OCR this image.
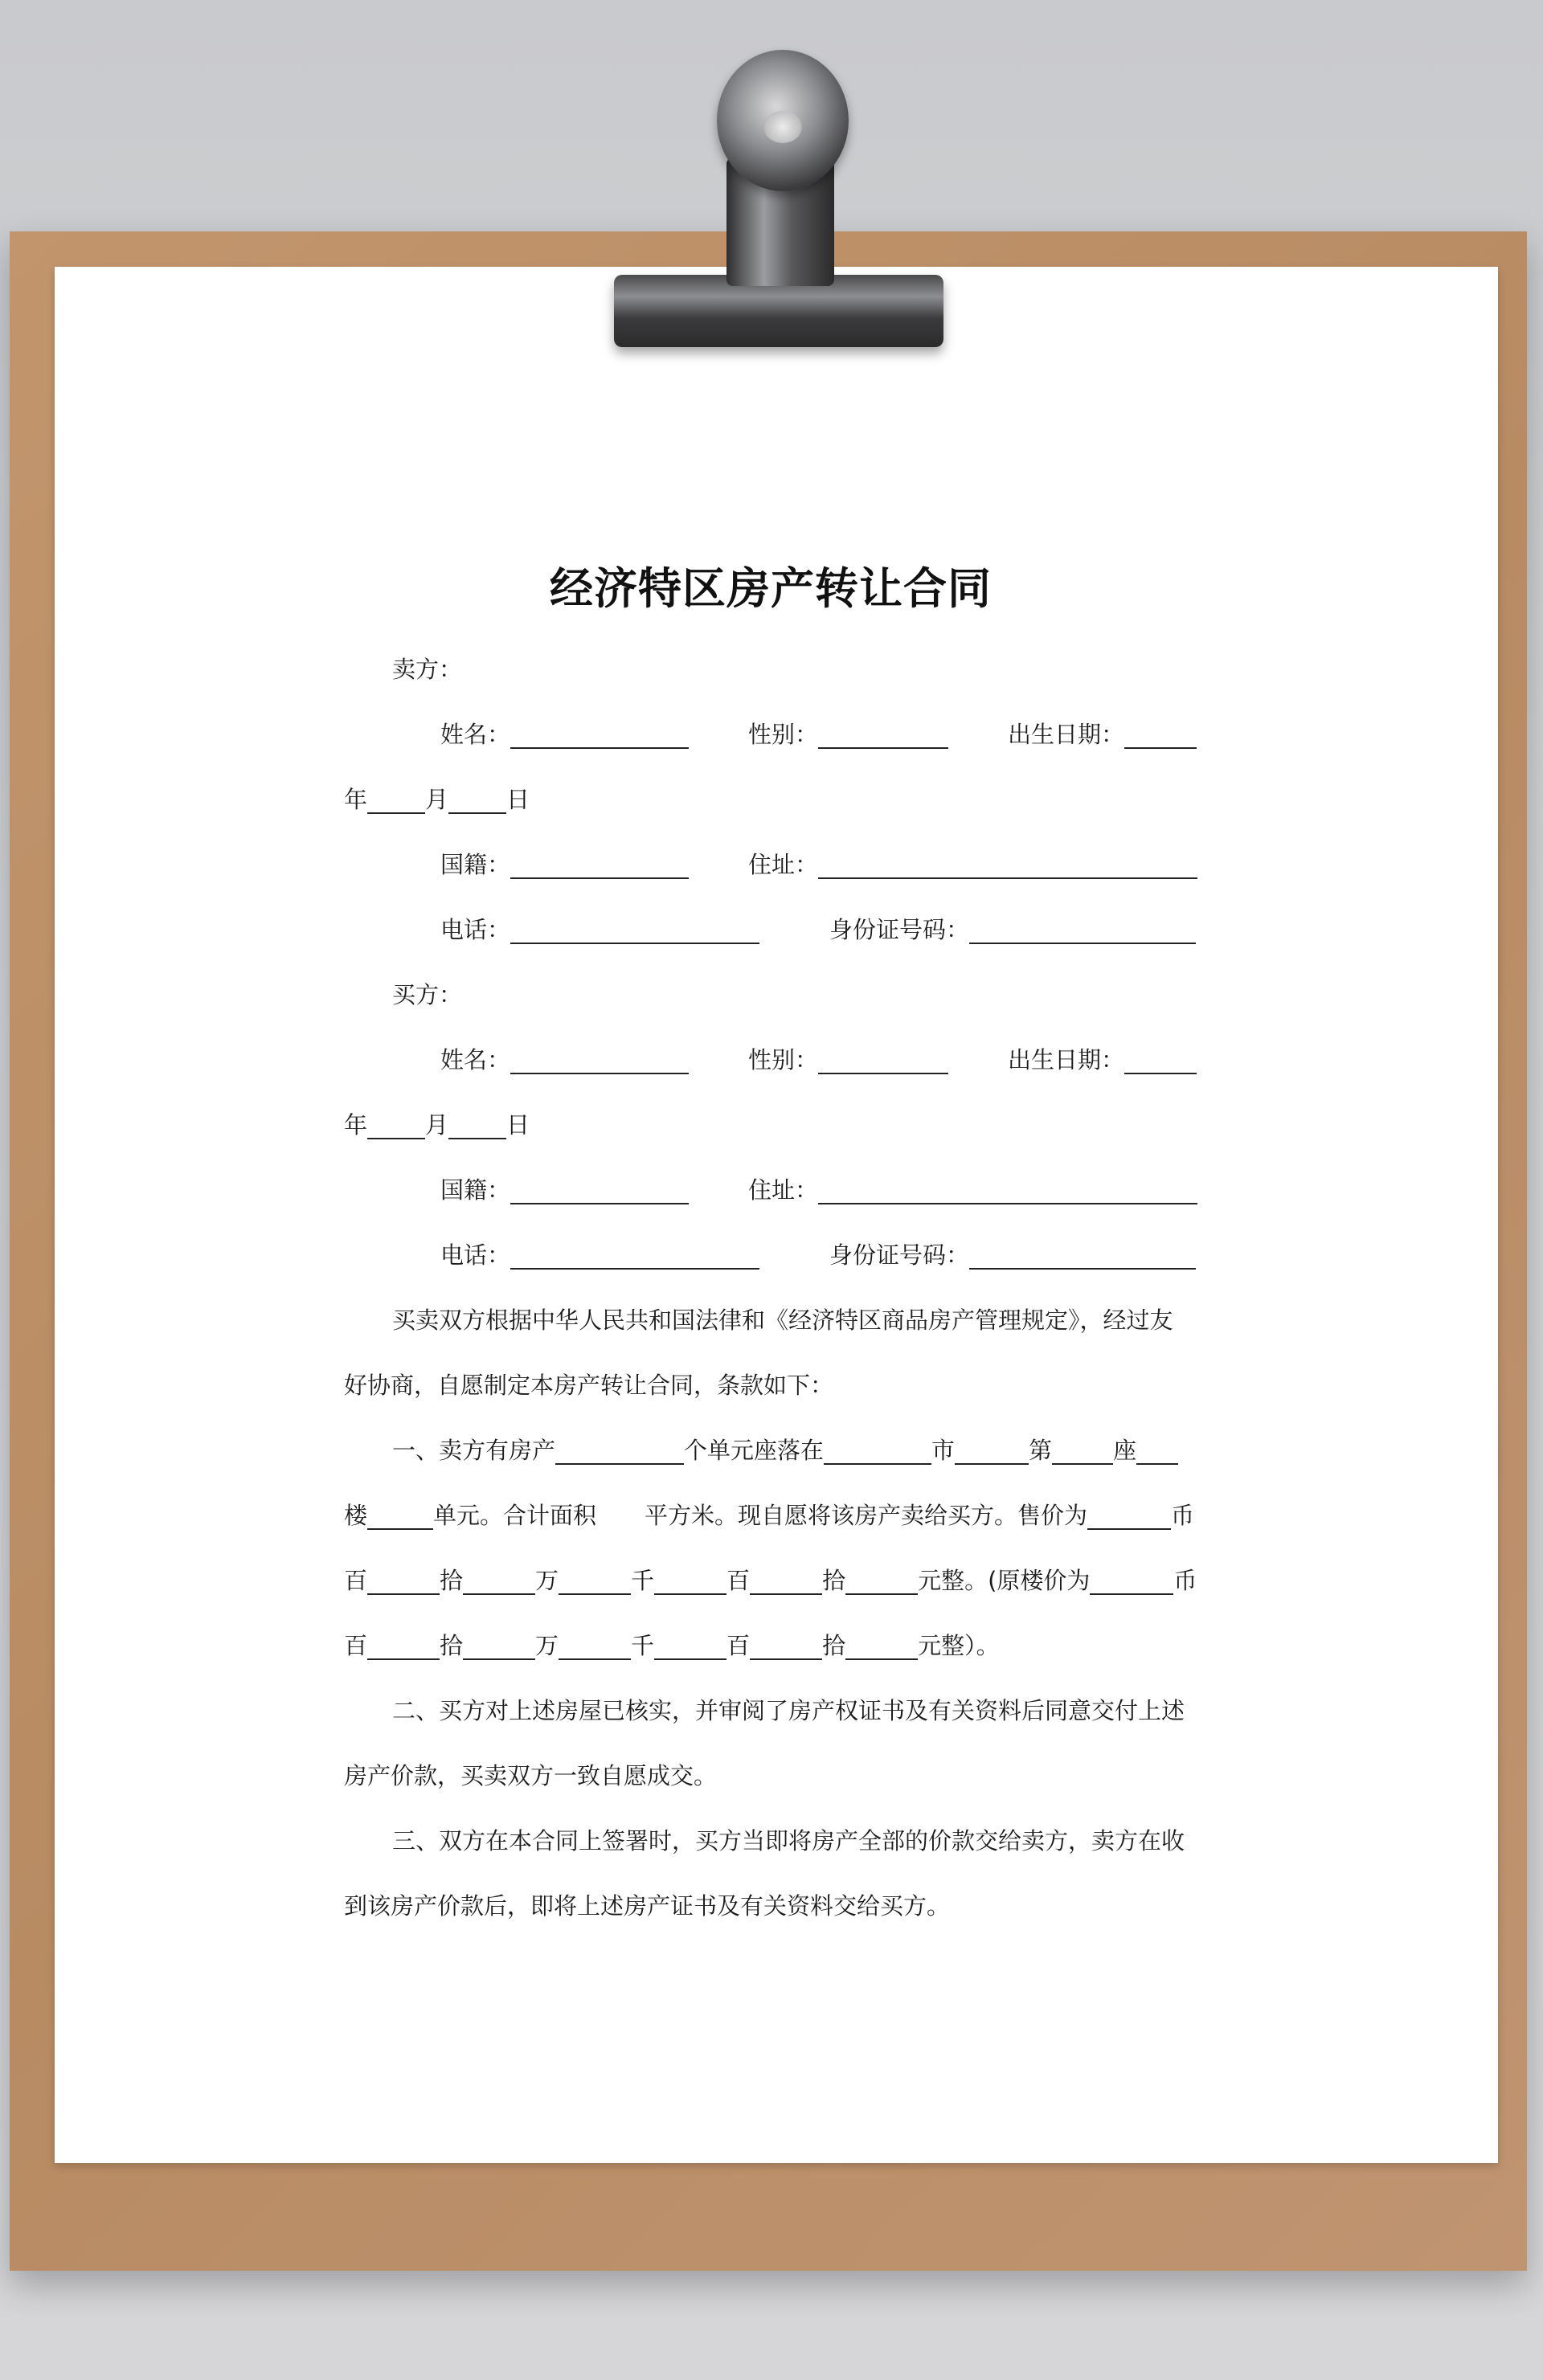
经济特区房产转让合同
卖方：
姓名：	性别：	出生日期：
年 月 日
国籍：	住址：
电话：	身份证号码：
买方：
姓名：	性别：	出生日期：
年 月 日
国籍：	住址：
电话：	身份证号码：
买卖双方根据中华人民共和国法律和《经济特区商品房产管理规定》，经过友
好协商，自愿制定本房产转让合同，条款如下：
一、卖方有房产	个单元座落在	市	第	座
楼	单元。合计面积 平方米。现自愿将该房产卖给买方。售价为	币
百	拾	万	千	百	拾	元整。(原楼价为	币
百	拾	万	千	百	拾	元整）。
二、买方对上述房屋已核实，并审阅了房产权证书及有关资料后同意交付上述
房产价款，买卖双方一致自愿成交。
三、双方在本合同上签署时，买方当即将房产全部的价款交给卖方，卖方在收
到该房产价款后，即将上述房产证书及有关资料交给买方。
